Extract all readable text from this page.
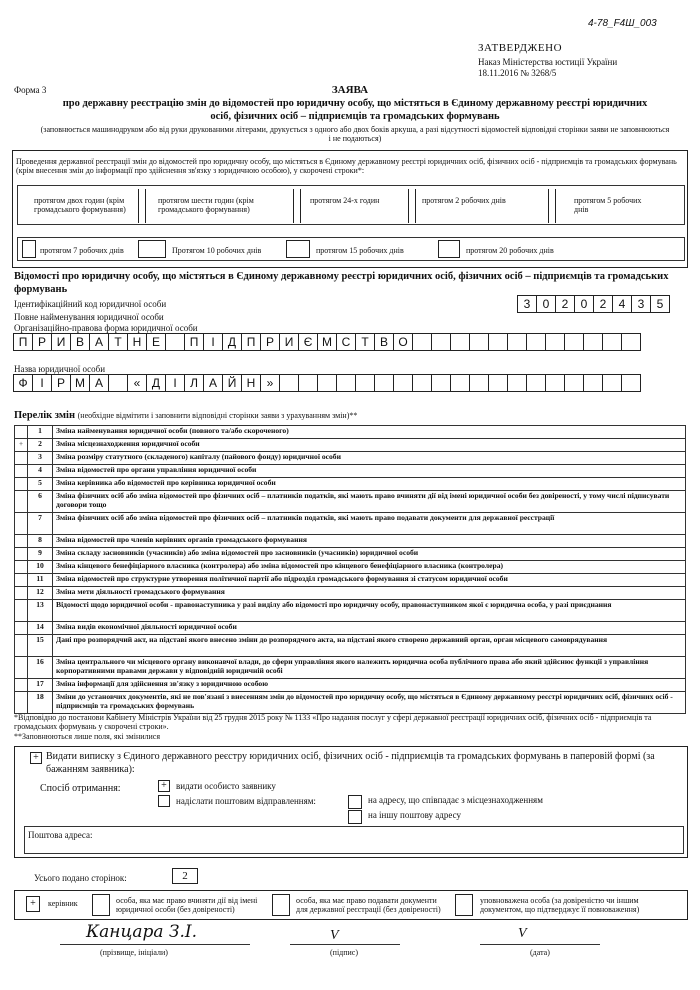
4-78_F4Ш_003
ЗАТВЕРДЖЕНО
Наказ Міністерства юстиції України
18.11.2016 № 3268/5
Форма 3	ЗАЯВА
про державну реєстрацію змін до відомостей про юридичну особу, що містяться в Єдиному державному реєстрі юридичних осіб, фізичних осіб – підприємців та громадських формувань
(заповнюється машинодруком або від руки друкованими літерами, друкується з одного або двох боків аркуша, а разі відсутності відомостей відповідні сторінки заяви не заповнюються і не подаються)
Проведення державної реєстрації змін до відомостей про юридичну особу, що містяться в Єдиному державному реєстрі юридичних осіб, фізичних осіб - підприємців та громадських формувань (крім внесення змін до інформації про здійснення зв'язку з юридичною особою), у скорочені строки*:
протягом двох годин (крім громадського формування)
протягом шести годин (крім громадського формування)
протягом 24-х годин	протягом 2 робочих днів	протягом 5 робочих днів
протягом 7 робочих днів	Протягом 10 робочих днів	протягом 15 робочих днів	протягом 20 робочих днів
Відомості про юридичну особу, що містяться в Єдиному державному реєстрі юридичних осіб, фізичних осіб – підприємців та громадських формувань
Ідентифікаційний код юридичної особи	3	0	2	0	2	4	3	5
Повне найменування юридичної особи
Організаційно-правова форма юридичної особи
П Р И В А Т Н Е	П	І	Д П Р И Є М С Т В О
Назва юридичної особи
Ф	І	Р М А	« Д	І	Л А Й Н »
Перелік змін (необхідне відмітити і заповнити відповідні сторінки заяви з урахуванням змін)**
	1	Зміна найменування юридичної особи (повного та/або скороченого)
+	2	Зміна місцезнаходження юридичної особи
	3	Зміна розміру статутного (складеного) капіталу (пайового фонду) юридичної особи
	4	Зміна відомостей про органи управління юридичної особи
	5	Зміна керівника або відомостей про керівника юридичної особи
	6	Зміна фізичних осіб або зміна відомостей про фізичних осіб – платників податків, які мають право вчиняти дії від імені юридичної особи без довіреності, у тому числі підписувати договори тощо
	7	Зміна фізичних осіб або зміна відомостей про фізичних осіб – платників податків, які мають право подавати документи для державної реєстрації
	8	Зміна відомостей про членів керівних органів громадського формування
	9	Зміна складу засновників (учасників) або зміна відомостей про засновників (учасників) юридичної особи
	10	Зміна кінцевого бенефіціарного власника (контролера) або зміна відомостей про кінцевого бенефіціарного власника (контролера)
	11	Зміна відомостей про структурне утворення політичної партії або підрозділ громадського формування зі статусом юридичної особи
	12	Зміна мети діяльності громадського формування
	13	Відомості щодо юридичної особи - правонаступника у разі виділу або відомості про юридичну особу, правонаступником якої є юридична особа, у разі приєднання
	14	Зміна видів економічної діяльності юридичної особи
	15	Дані про розпорядчий акт, на підставі якого внесено зміни до розпорядчого акта, на підставі якого створено державний орган, орган місцевого самоврядування
	16	Зміна центрального чи місцевого органу виконавчої влади, до сфери управління якого належить юридична особа публічного права або який здійснює функції з управління корпоративними правами держави у відповідній юридичній особі
	17	Зміна інформації для здійснення зв'язку з юридичною особою
	18	Зміни до установчих документів, які не пов'язані з внесенням змін до відомостей про юридичну особу, що містяться в Єдиному державному реєстрі юридичних осіб, фізичних осіб - підприємців та громадських формувань
*Відповідно до постанови Кабінету Міністрів України від 25 грудня 2015 року № 1133 «Про надання послуг у сфері державної реєстрації юридичних осіб, фізичних осіб - підприємців та громадських формувань у скорочені строки».
**Заповнюються лише поля, які змінилися
+ Видати виписку з Єдиного державного реєстру юридичних осіб, фізичних осіб - підприємців та громадських формувань в паперовій формі (за бажанням заявника):
Спосіб отримання:	+	видати особисто заявнику
надіслати поштовим відправленням:	на адресу, що співпадає з місцезнаходженням
на іншу поштову адресу
Поштова адреса:
Усього подано сторінок:	2
+	керівник	особа, яка має право вчиняти дії від імені юридичної особи (без довіреності)
особа, яка має право подавати документи для державної реєстрації (без довіреності)
уповноважена особа (за довіреністю чи іншим документом, що підтверджує її повноваження)
Канцара З.І.
(прізвище, ініціали)
V
(підпис)
V
(дата)
